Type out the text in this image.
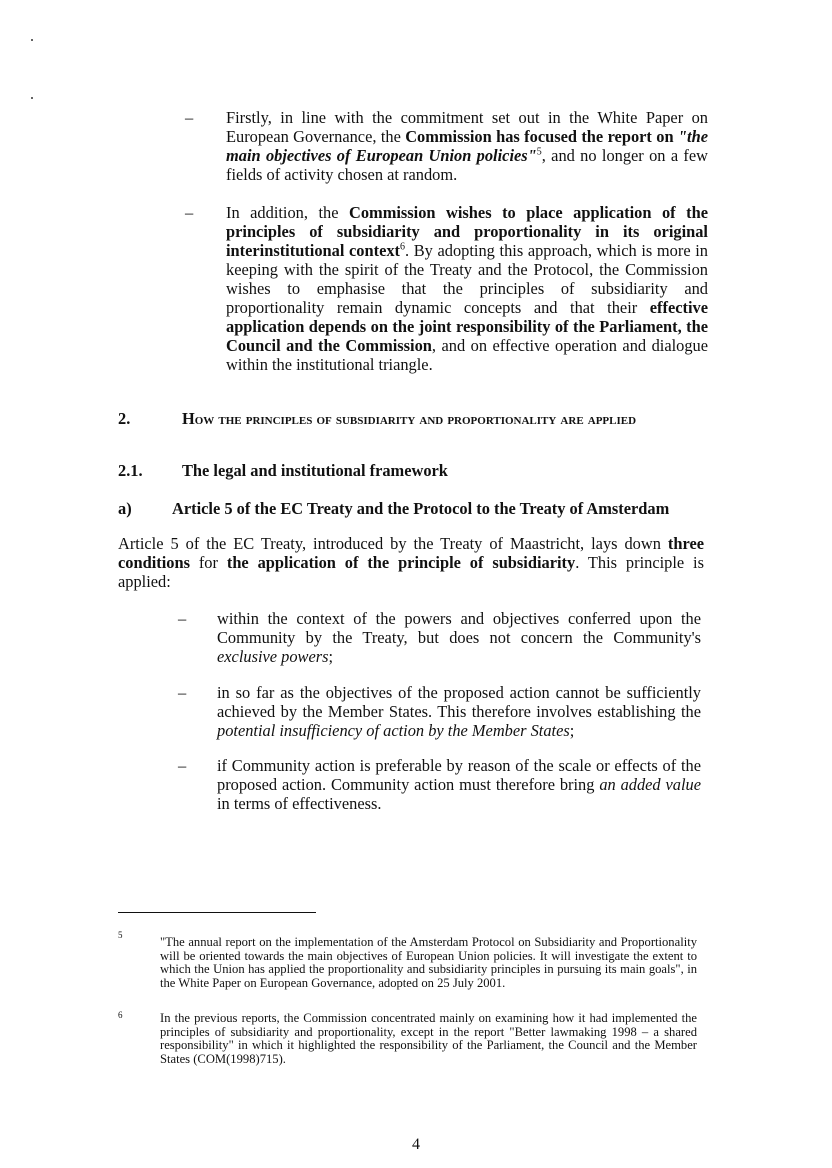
– Firstly, in line with the commitment set out in the White Paper on European Governance, the Commission has focused the report on "the main objectives of European Union policies"$^5$, and no longer on a few fields of activity chosen at random.

– In addition, the Commission wishes to place application of the principles of subsidiarity and proportionality in its original interinstitutional context$^6$. By adopting this approach, which is more in keeping with the spirit of the Treaty and the Protocol, the Commission wishes to emphasise that the principles of subsidiarity and proportionality remain dynamic concepts and that their effective application depends on the joint responsibility of the Parliament, the Council and the Commission, and on effective operation and dialogue within the institutional triangle.

2.	How the principles of subsidiarity and proportionality are applied
2.1. The legal and institutional framework
a) Article 5 of the EC Treaty and the Protocol to the Treaty of Amsterdam

Article 5 of the EC Treaty, introduced by the Treaty of Maastricht, lays down three conditions for the application of the principle of subsidiarity. This principle is applied:

– within the context of the powers and objectives conferred upon the Community by the Treaty, but does not concern the Community's exclusive powers;

– in so far as the objectives of the proposed action cannot be sufficiently achieved by the Member States. This therefore involves establishing the potential insufficiency of action by the Member States;

– if Community action is preferable by reason of the scale or effects of the proposed action. Community action must therefore bring an added value in terms of effectiveness.

5	"The annual report on the implementation of the Amsterdam Protocol on Subsidiarity and Proportionality will be oriented towards the main objectives of European Union policies. It will investigate the extent to which the Union has applied the proportionality and subsidiarity principles in pursuing its main goals", in the White Paper on European Governance, adopted on 25 July 2001.
6	In the previous reports, the Commission concentrated mainly on examining how it had implemented the principles of subsidiarity and proportionality, except in the report "Better lawmaking 1998 – a shared responsibility" in which it highlighted the responsibility of the Parliament, the Council and the Member States (COM(1998)715).
4
